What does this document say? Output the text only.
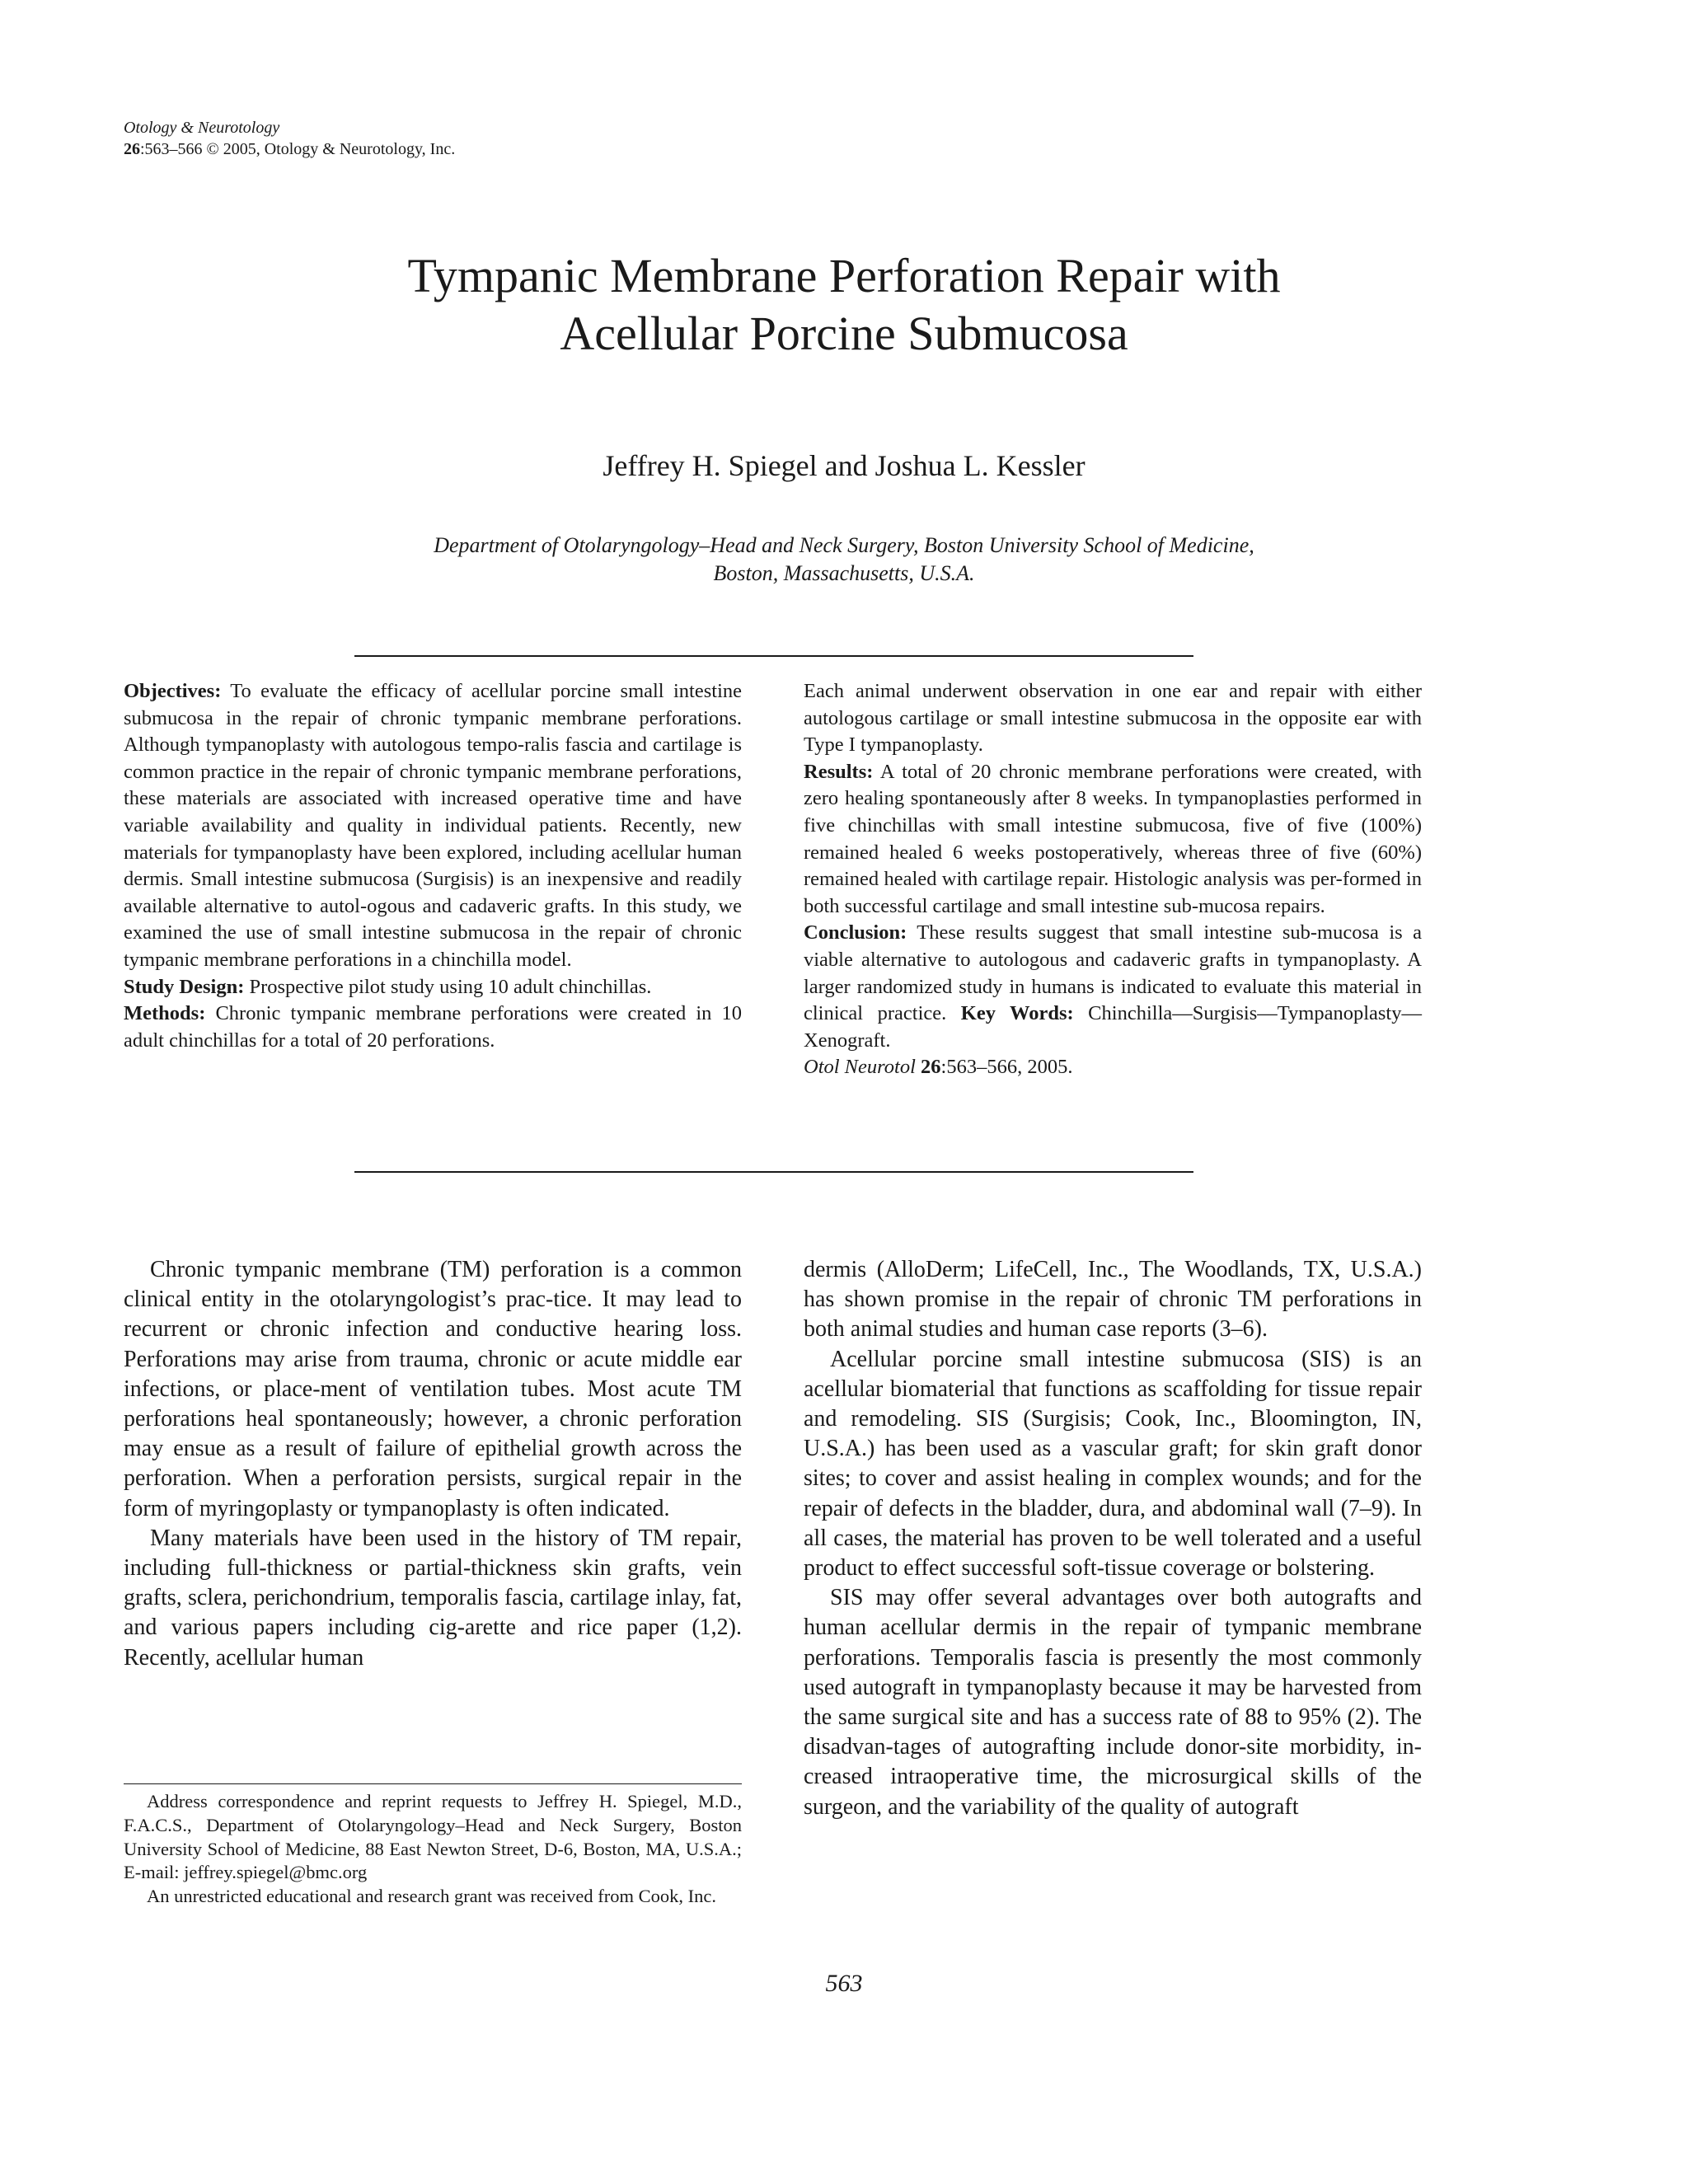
Otology & Neurotology
26:563–566 © 2005, Otology & Neurotology, Inc.
Tympanic Membrane Perforation Repair with
Acellular Porcine Submucosa
Jeffrey H. Spiegel and Joshua L. Kessler
Department of Otolaryngology–Head and Neck Surgery, Boston University School of Medicine,
Boston, Massachusetts, U.S.A.

Objectives: To evaluate the efficacy of acellular porcine small intestine submucosa in the repair of chronic tympanic membrane perforations. Although tympanoplasty with autologous tempo-ralis fascia and cartilage is common practice in the repair of chronic tympanic membrane perforations, these materials are associated with increased operative time and have variable availability and quality in individual patients. Recently, new materials for tympanoplasty have been explored, including acellular human dermis. Small intestine submucosa (Surgisis) is an inexpensive and readily available alternative to autol-ogous and cadaveric grafts. In this study, we examined the use of small intestine submucosa in the repair of chronic tympanic membrane perforations in a chinchilla model.

Study Design: Prospective pilot study using 10 adult chinchillas.

Methods: Chronic tympanic membrane perforations were created in 10 adult chinchillas for a total of 20 perforations.

Each animal underwent observation in one ear and repair with either autologous cartilage or small intestine submucosa in the opposite ear with Type I tympanoplasty.

Results: A total of 20 chronic membrane perforations were created, with zero healing spontaneously after 8 weeks. In tympanoplasties performed in five chinchillas with small intestine submucosa, five of five (100%) remained healed 6 weeks postoperatively, whereas three of five (60%) remained healed with cartilage repair. Histologic analysis was per-formed in both successful cartilage and small intestine sub-mucosa repairs.

Conclusion: These results suggest that small intestine sub-mucosa is a viable alternative to autologous and cadaveric grafts in tympanoplasty. A larger randomized study in humans is indicated to evaluate this material in clinical practice. Key Words: Chinchilla—Surgisis—Tympanoplasty—Xenograft.

Otol Neurotol 26:563–566, 2005.

Chronic tympanic membrane (TM) perforation is a common clinical entity in the otolaryngologist’s prac-tice. It may lead to recurrent or chronic infection and conductive hearing loss. Perforations may arise from trauma, chronic or acute middle ear infections, or place-ment of ventilation tubes. Most acute TM perforations heal spontaneously; however, a chronic perforation may ensue as a result of failure of epithelial growth across the perforation. When a perforation persists, surgical repair in the form of myringoplasty or tympanoplasty is often indicated.

Many materials have been used in the history of TM repair, including full-thickness or partial-thickness skin grafts, vein grafts, sclera, perichondrium, temporalis fascia, cartilage inlay, fat, and various papers including cig-arette and rice paper (1,2). Recently, acellular human

dermis (AlloDerm; LifeCell, Inc., The Woodlands, TX, U.S.A.) has shown promise in the repair of chronic TM perforations in both animal studies and human case reports (3–6).

Acellular porcine small intestine submucosa (SIS) is an acellular biomaterial that functions as scaffolding for tissue repair and remodeling. SIS (Surgisis; Cook, Inc., Bloomington, IN, U.S.A.) has been used as a vascular graft; for skin graft donor sites; to cover and assist healing in complex wounds; and for the repair of defects in the bladder, dura, and abdominal wall (7–9). In all cases, the material has proven to be well tolerated and a useful product to effect successful soft-tissue coverage or bolstering.

SIS may offer several advantages over both autografts and human acellular dermis in the repair of tympanic membrane perforations. Temporalis fascia is presently the most commonly used autograft in tympanoplasty because it may be harvested from the same surgical site and has a success rate of 88 to 95% (2). The disadvan-tages of autografting include donor-site morbidity, in-creased intraoperative time, the microsurgical skills of the surgeon, and the variability of the quality of autograft

Address correspondence and reprint requests to Jeffrey H. Spiegel, M.D., F.A.C.S., Department of Otolaryngology–Head and Neck Surgery, Boston University School of Medicine, 88 East Newton Street, D-6, Boston, MA, U.S.A.; E-mail: jeffrey.spiegel@bmc.org

An unrestricted educational and research grant was received from Cook, Inc.

563
